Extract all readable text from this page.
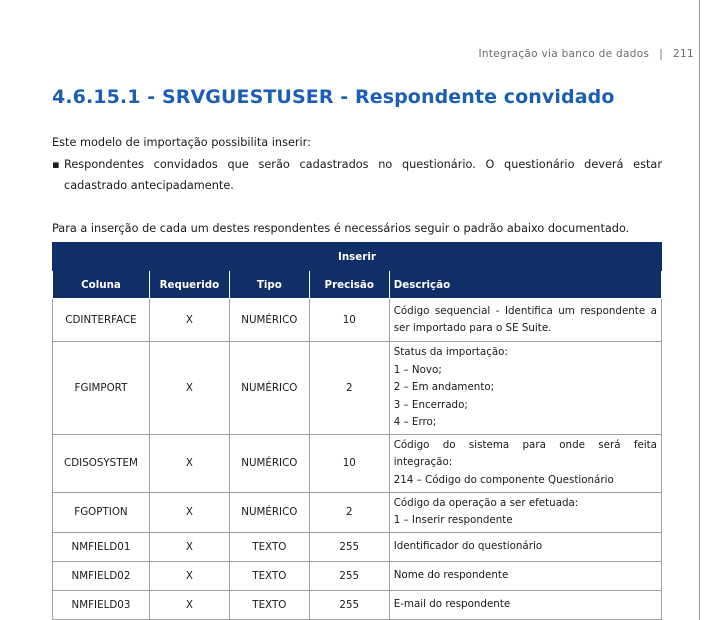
Integração via banco de dados | 211
4.6.15.1 - SRVGUESTUSER - Respondente convidado

Este modelo de importação possibilita inserir:

▪ Respondentes convidados que serão cadastrados no questionário. O questionário deverá estar cadastrado antecipadamente.

Para a inserção de cada um destes respondentes é necessários seguir o padrão abaixo documentado.

Inserir				
Coluna	Requerido	Tipo	Precisão	Descrição
CDINTERFACE	X	NUMÉRICO	10	Código sequencial - Identifica um respondente a
ser importado para o SE Suite.

FGIMPORT	X	NUMÉRICO	2	Status da importação:
1 – Novo;
2 – Em andamento;
3 – Encerrado;
4 – Erro;

CDISOSYSTEM	X	NUMÉRICO	10	Código do sistema para onde será feita
integração:
214 – Código do componente Questionário

FGOPTION	X	NUMÉRICO	2	Código da operação a ser efetuada:
1 – Inserir respondente

NMFIELD01	X	TEXTO	255	Identificador do questionário

NMFIELD02	X	TEXTO	255	Nome do respondente

NMFIELD03	X	TEXTO	255	E-mail do respondente
